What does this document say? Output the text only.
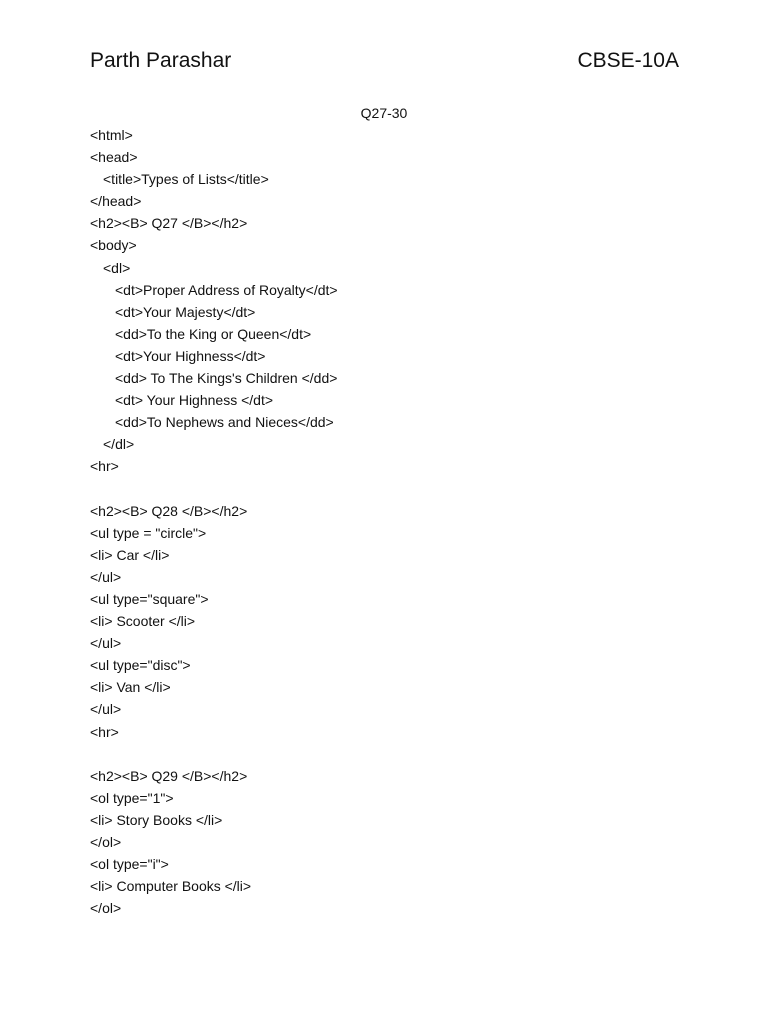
Parth Parashar	CBSE-10A
Q27-30
<html>
<head>
<title>Types of Lists</title>
</head>
<h2><B> Q27 </B></h2>
<body>
<dl>
<dt>Proper Address of Royalty</dt>
<dt>Your Majesty</dt>
<dd>To the King or Queen</dt>
<dt>Your Highness</dt>
<dd> To The Kings's Children </dd>
<dt> Your Highness </dt>
<dd>To Nephews and Nieces</dd>
</dl>
<hr>
<h2><B> Q28 </B></h2>
<ul type = "circle">
<li> Car </li>
</ul>
<ul type="square">
<li> Scooter </li>
</ul>
<ul type="disc">
<li> Van </li>
</ul>
<hr>
<h2><B> Q29 </B></h2>
<ol type="1">
<li> Story Books </li>
</ol>
<ol type="i">
<li> Computer Books </li>
</ol>
